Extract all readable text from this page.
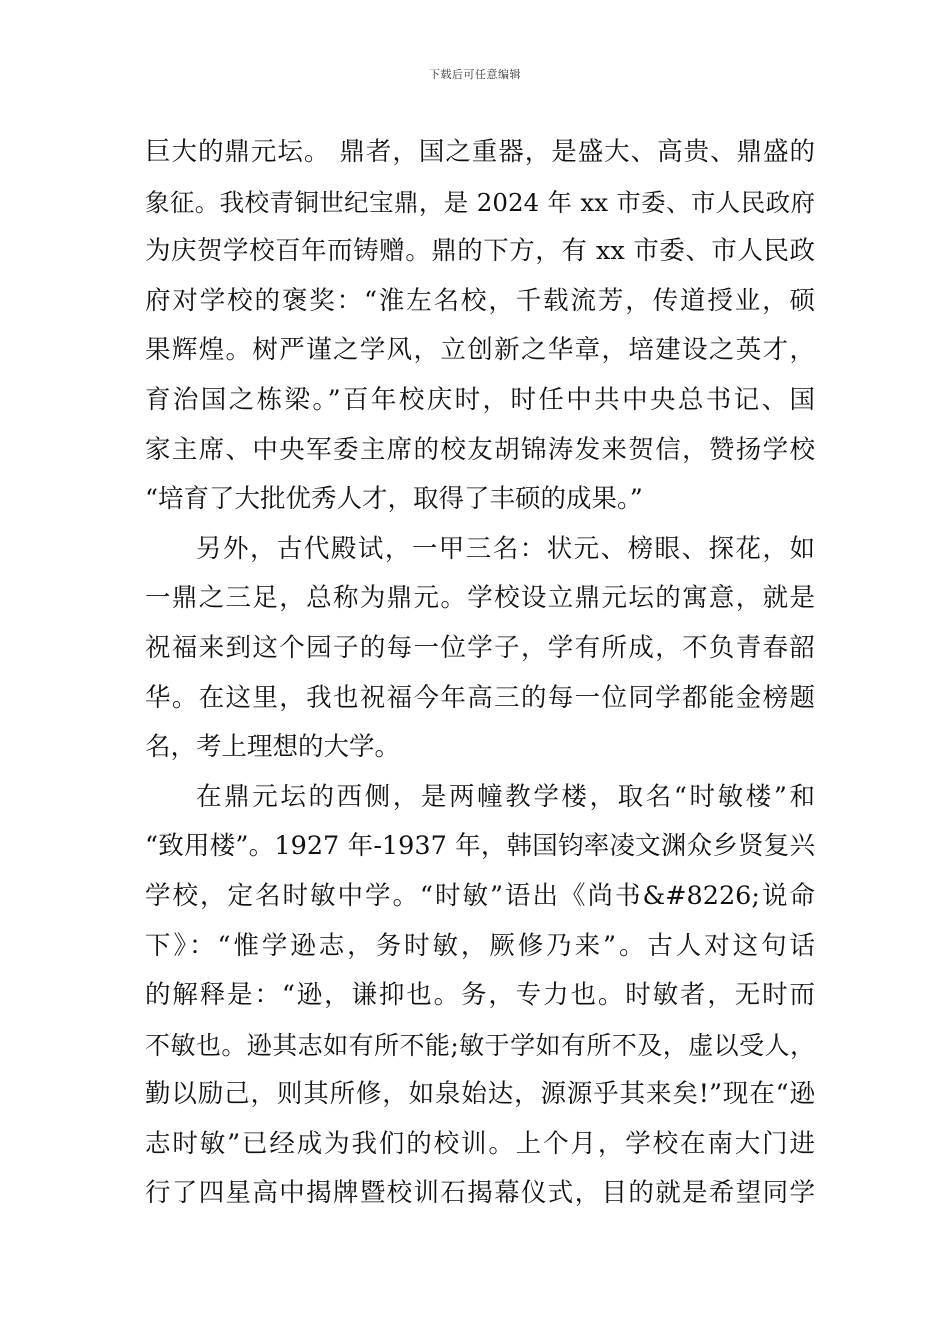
下载后可任意编辑
巨大的鼎元坛。 鼎者，国之重器，是盛大、高贵、鼎盛的
象征。我校青铜世纪宝鼎，是 2024 年 xx 市委、市人民政府
为庆贺学校百年而铸赠。鼎的下方，有 xx 市委、市人民政
府对学校的褒奖：“淮左名校，千载流芳，传道授业，硕
果辉煌。树严谨之学风，立创新之华章，培建设之英才，
育治国之栋梁。”百年校庆时，时任中共中央总书记、国
家主席、中央军委主席的校友胡锦涛发来贺信，赞扬学校
“培育了大批优秀人才，取得了丰硕的成果。”
另外，古代殿试，一甲三名：状元、榜眼、探花，如
一鼎之三足，总称为鼎元。学校设立鼎元坛的寓意，就是
祝福来到这个园子的每一位学子，学有所成，不负青春韶
华。在这里，我也祝福今年高三的每一位同学都能金榜题
名，考上理想的大学。
在鼎元坛的西侧，是两幢教学楼，取名“时敏楼”和
“致用楼”。1927 年-1937 年，韩国钧率凌文渊众乡贤复兴
学校，定名时敏中学。“时敏”语出《尚书&#8226;说命
下》：“惟学逊志，务时敏，厥修乃来”。古人对这句话
的解释是：“逊，谦抑也。务，专力也。时敏者，无时而
不敏也。逊其志如有所不能;敏于学如有所不及，虚以受人，
勤以励己，则其所修，如泉始达，源源乎其来矣!”现在“逊
志时敏”已经成为我们的校训。上个月，学校在南大门进
行了四星高中揭牌暨校训石揭幕仪式，目的就是希望同学
